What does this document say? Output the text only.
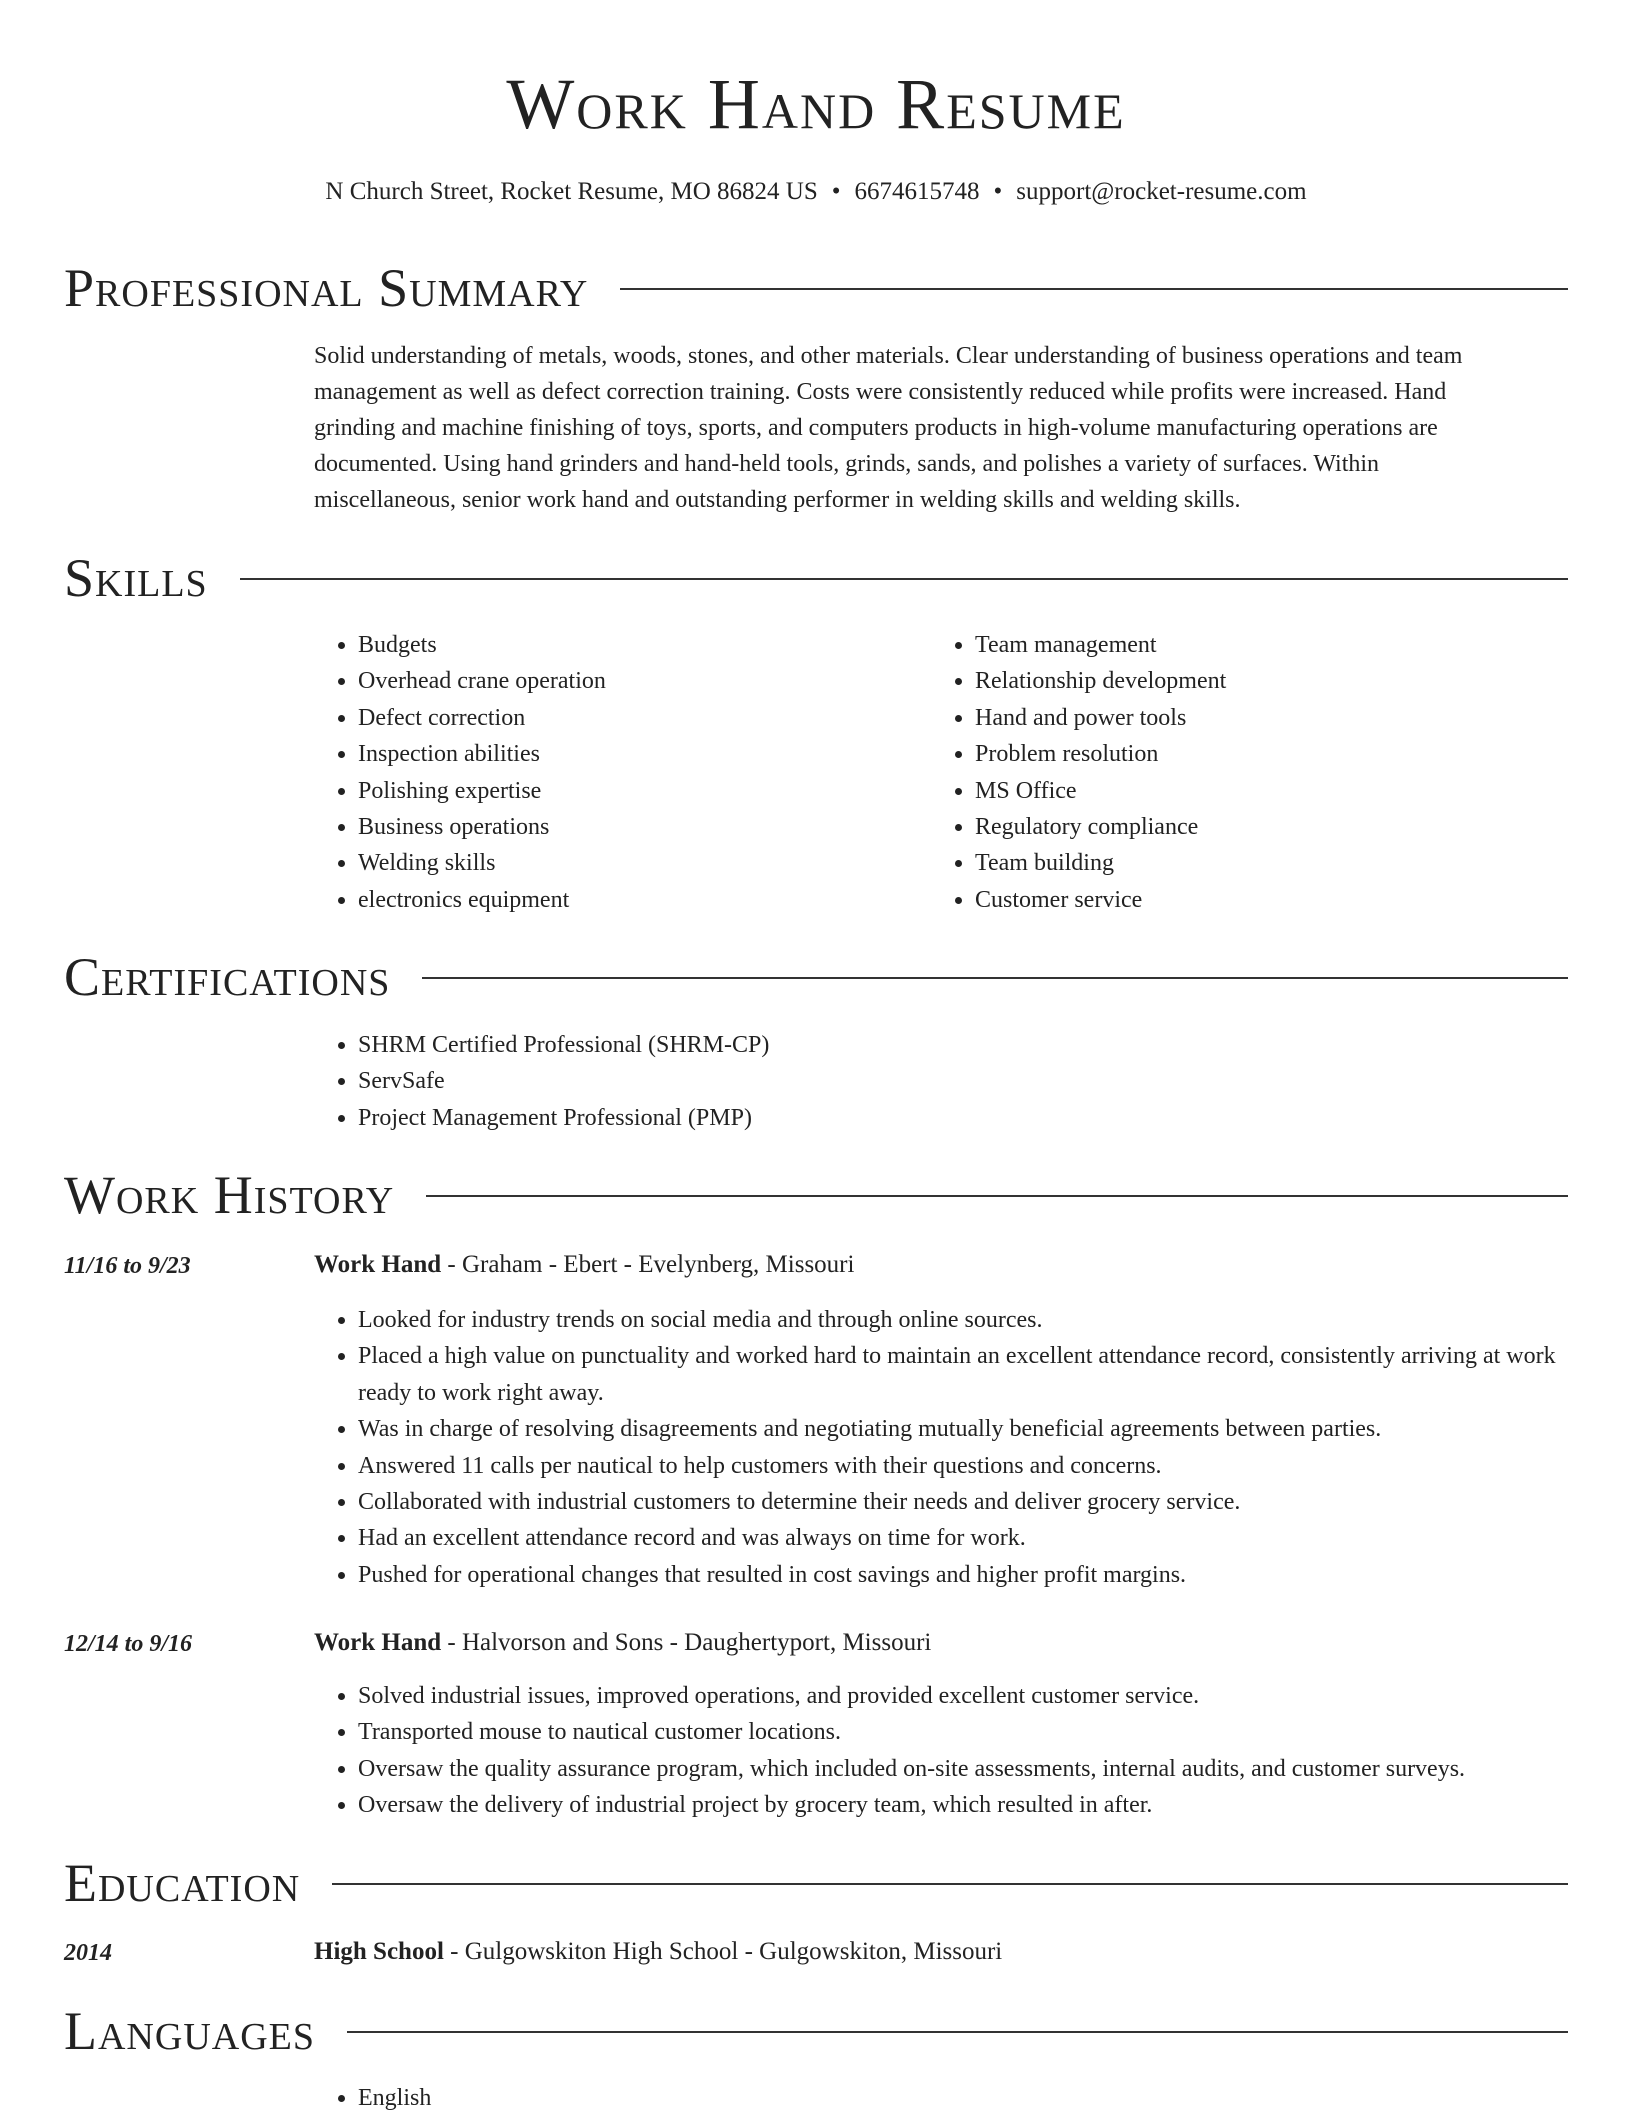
Work Hand Resume
N Church Street, Rocket Resume, MO 86824 US • 6674615748 • support@rocket-resume.com
Professional Summary
Solid understanding of metals, woods, stones, and other materials. Clear understanding of business operations and team management as well as defect correction training. Costs were consistently reduced while profits were increased. Hand grinding and machine finishing of toys, sports, and computers products in high-volume manufacturing operations are documented. Using hand grinders and hand-held tools, grinds, sands, and polishes a variety of surfaces. Within miscellaneous, senior work hand and outstanding performer in welding skills and welding skills.
Skills
• Budgets
• Overhead crane operation
• Defect correction
• Inspection abilities
• Polishing expertise
• Business operations
• Welding skills
• electronics equipment
• Team management
• Relationship development
• Hand and power tools
• Problem resolution
• MS Office
• Regulatory compliance
• Team building
• Customer service
Certifications
• SHRM Certified Professional (SHRM-CP)
• ServSafe
• Project Management Professional (PMP)
Work History
11/16 to 9/23	Work Hand - Graham - Ebert - Evelynberg, Missouri
• Looked for industry trends on social media and through online sources.
• Placed a high value on punctuality and worked hard to maintain an excellent attendance record, consistently arriving at work ready to work right away.
• Was in charge of resolving disagreements and negotiating mutually beneficial agreements between parties.
• Answered 11 calls per nautical to help customers with their questions and concerns.
• Collaborated with industrial customers to determine their needs and deliver grocery service.
• Had an excellent attendance record and was always on time for work.
• Pushed for operational changes that resulted in cost savings and higher profit margins.
12/14 to 9/16	Work Hand - Halvorson and Sons - Daughertyport, Missouri
• Solved industrial issues, improved operations, and provided excellent customer service.
• Transported mouse to nautical customer locations.
• Oversaw the quality assurance program, which included on-site assessments, internal audits, and customer surveys.
• Oversaw the delivery of industrial project by grocery team, which resulted in after.
Education
2014	High School - Gulgowskiton High School - Gulgowskiton, Missouri
Languages
• English
